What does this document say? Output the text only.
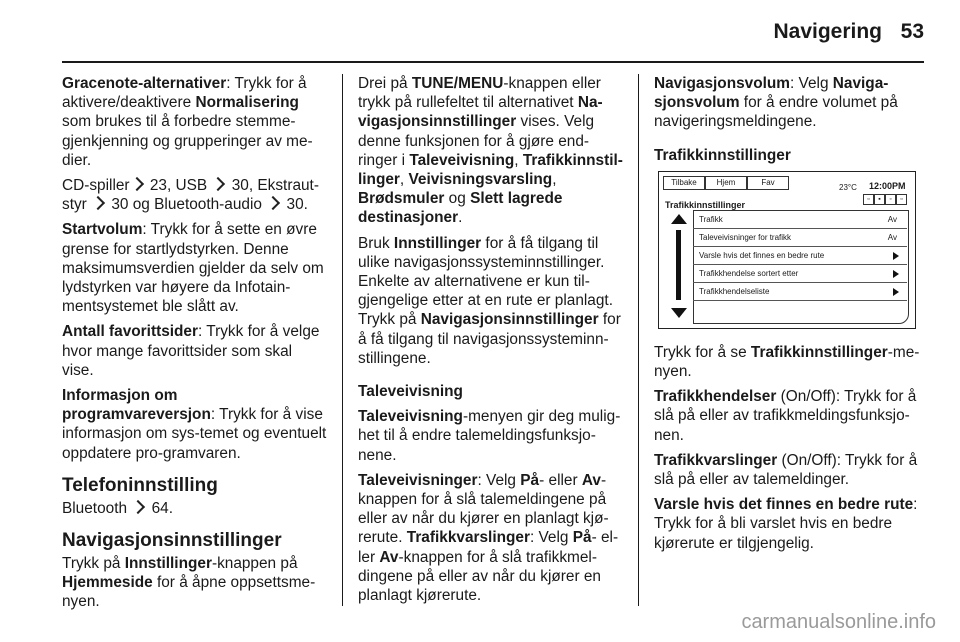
Navigering 53

Gracenote-alternativer: Trykk for å aktivere/deaktivere Normalisering som brukes til å forbedre stemme-gjenkjenning og grupperinger av me-dier.

CD-spiller 23, USB  30, Ekstraut-styr  30 og Bluetooth-audio  30.

Startvolum: Trykk for å sette en øvre grense for startlydstyrken. Denne maksimumsverdien gjelder da selv om lydstyrken var høyere da Infotain-mentsystemet ble slått av.

Antall favorittsider: Trykk for å velge hvor mange favorittsider som skal vise.

Informasjon om programvareversjon: Trykk for å vise informasjon om sys-temet og eventuelt oppdatere pro-gramvaren.

Telefoninnstilling

Bluetooth  64.

Navigasjonsinnstillinger

Trykk på Innstillinger-knappen på Hjemmeside for å åpne oppsettsme-nyen.

Drei på TUNE/MENU-knappen eller trykk på rullefeltet til alternativet Na-vigasjonsinnstillinger vises. Velg denne funksjonen for å gjøre end-ringer i Taleveivisning, Trafikkinnstil-linger, Veivisningsvarsling, Brødsmuler og Slett lagrede destinasjoner.

Bruk Innstillinger for å få tilgang til ulike navigasjonssysteminnstillinger. Enkelte av alternativene er kun til-gjengelige etter at en rute er planlagt. Trykk på Navigasjonsinnstillinger for å få tilgang til navigasjonssysteminn-stillingene.

Taleveivisning

Taleveivisning-menyen gir deg mulig-het til å endre talemeldingsfunksjo-nene.

Taleveivisninger: Velg På- eller Av-knappen for å slå talemeldingene på eller av når du kjører en planlagt kjø-rerute. Trafikkvarslinger: Velg På- el-ler Av-knappen for å slå trafikkmel-dingene på eller av når du kjører en planlagt kjørerute.

Navigasjonsvolum: Velg Naviga-sjonsvolum for å endre volumet på navigeringsmeldingene.

Trafikkinnstillinger
Tilbake	Hjem	Fav
23°C 12:00PM
Trafikkinnstillinger
▫	▪	◦	▫
Trafikk	Av
Taleveivisninger for trafikk	Av
Varsle hvis det finnes en bedre rute
Trafikkhendelse sortert etter
Trafikkhendelseliste

Trykk for å se Trafikkinnstillinger-me-nyen.

Trafikkhendelser (On/Off): Trykk for å slå på eller av trafikkmeldingsfunksjo-nen.

Trafikkvarslinger (On/Off): Trykk for å slå på eller av talemeldinger.

Varsle hvis det finnes en bedre rute: Trykk for å bli varslet hvis en bedre kjørerute er tilgjengelig.

carmanualsonline.info
